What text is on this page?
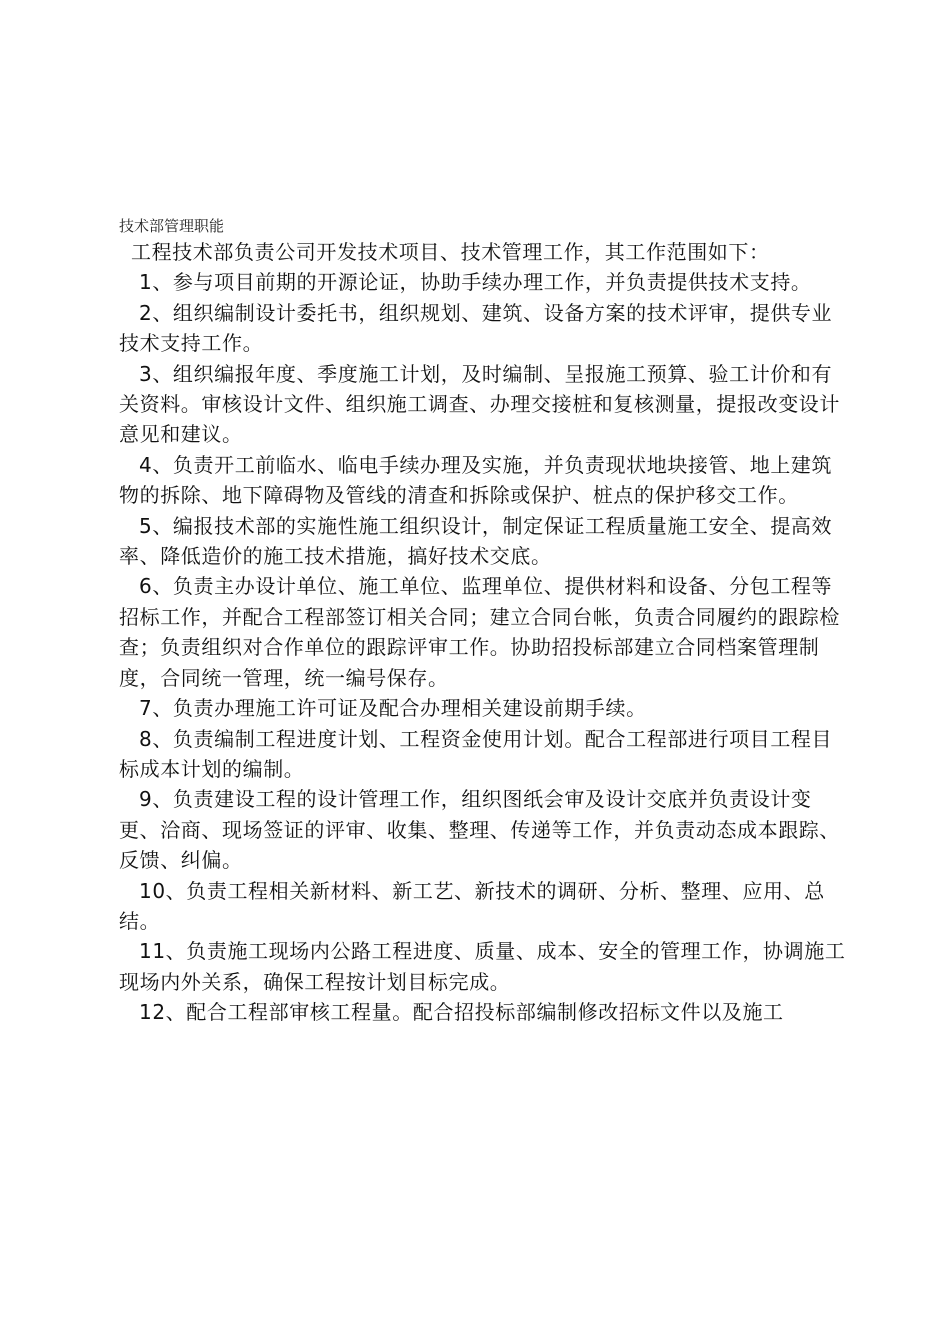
技术部管理职能

工程技术部负责公司开发技术项目、技术管理工作，其工作范围如下：

1、参与项目前期的开源论证，协助手续办理工作，并负责提供技术支持。

2、组织编制设计委托书，组织规划、建筑、设备方案的技术评审，提供专业技术支持工作。

3、组织编报年度、季度施工计划，及时编制、呈报施工预算、验工计价和有关资料。审核设计文件、组织施工调查、办理交接桩和复核测量，提报改变设计意见和建议。

4、负责开工前临水、临电手续办理及实施，并负责现状地块接管、地上建筑物的拆除、地下障碍物及管线的清查和拆除或保护、桩点的保护移交工作。

5、编报技术部的实施性施工组织设计，制定保证工程质量施工安全、提高效率、降低造价的施工技术措施，搞好技术交底。

6、负责主办设计单位、施工单位、监理单位、提供材料和设备、分包工程等招标工作，并配合工程部签订相关合同；建立合同台帐，负责合同履约的跟踪检查；负责组织对合作单位的跟踪评审工作。协助招投标部建立合同档案管理制度，合同统一管理，统一编号保存。

7、负责办理施工许可证及配合办理相关建设前期手续。

8、负责编制工程进度计划、工程资金使用计划。配合工程部进行项目工程目标成本计划的编制。

9、负责建设工程的设计管理工作，组织图纸会审及设计交底并负责设计变更、洽商、现场签证的评审、收集、整理、传递等工作，并负责动态成本跟踪、反馈、纠偏。

10、负责工程相关新材料、新工艺、新技术的调研、分析、整理、应用、总结。

11、负责施工现场内公路工程进度、质量、成本、安全的管理工作，协调施工现场内外关系，确保工程按计划目标完成。

12、配合工程部审核工程量。配合招投标部编制修改招标文件以及施工
